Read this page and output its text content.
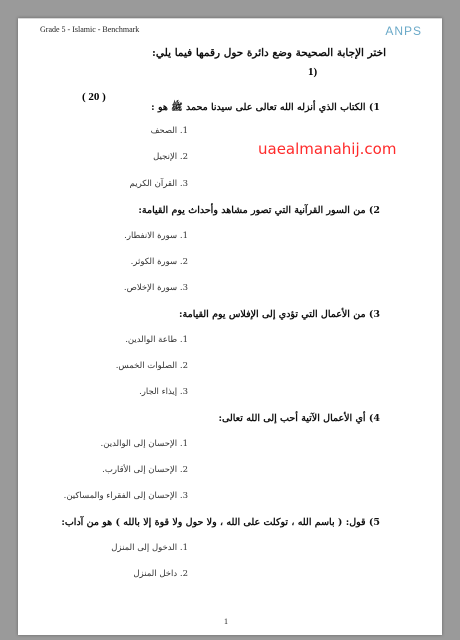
Grade 5 - Islamic - Benchmark	ANPS
1)
اختر الإجابة الصحيحة وضع دائرة حول رقمها فيما يلي:
( 20 )
uaealmanahij.com
1) الكتاب الذي أنزله الله تعالى على سيدنا محمد ﷺ هو :
1. الصحف
2. الإنجيل
3. القرآن الكريم
2) من السور القرآنية التي تصور مشاهد وأحداث يوم القيامة:
1. سورة الانفطار.
2. سورة الكوثر.
3. سورة الإخلاص.
3) من الأعمال التي تؤدي إلى الإفلاس يوم القيامة:
1. طاعة الوالدين.
2. الصلوات الخمس.
3. إيذاء الجار.
4) أي الأعمال الآتية أحب إلى الله تعالى:
1. الإحسان إلى الوالدين.
2. الإحسان إلى الأقارب.
3. الإحسان إلى الفقراء والمساكين.
5) قول: ( باسم الله ، توكلت على الله ، ولا حول ولا قوة إلا بالله ) هو من آداب:
1. الدخول إلى المنزل
2. داخل المنزل
1
